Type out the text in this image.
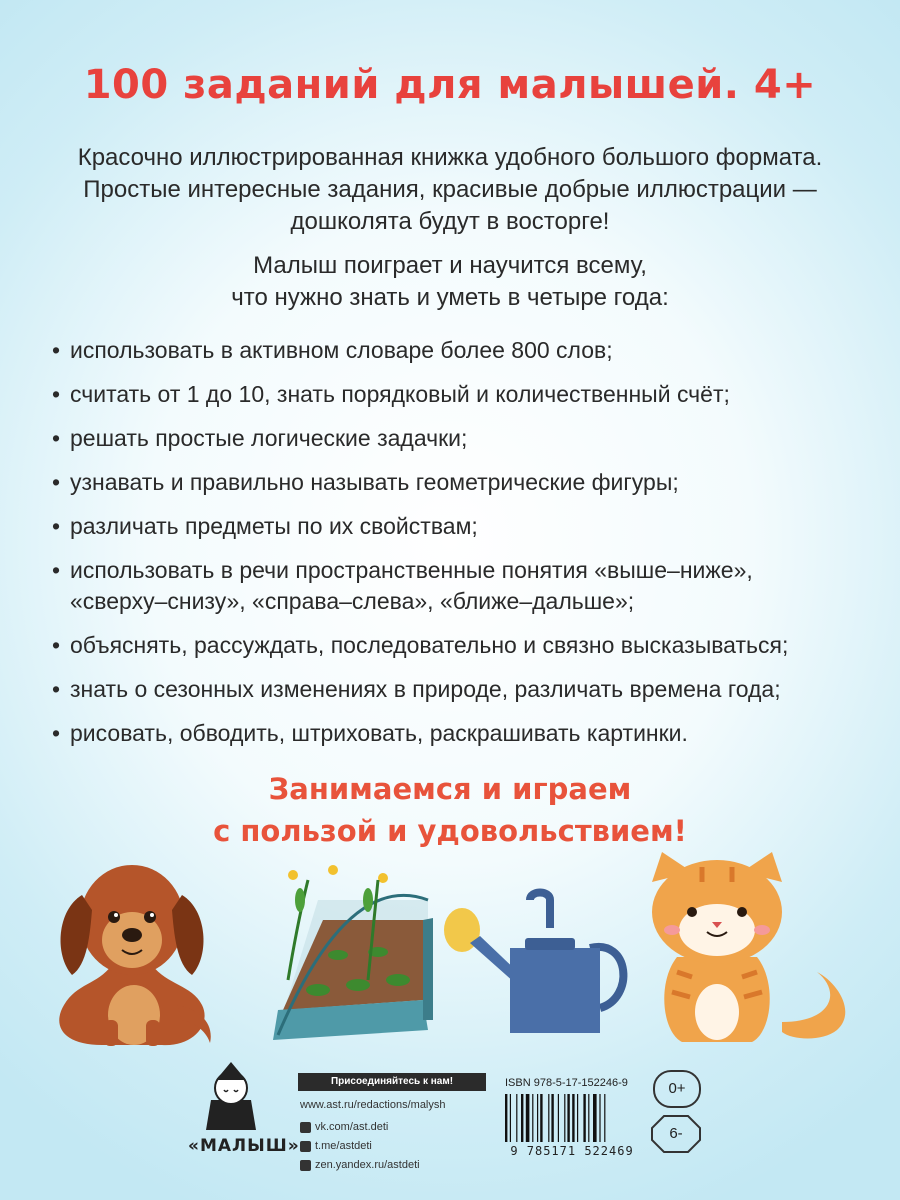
100 заданий для малышей. 4+
Красочно иллюстрированная книжка удобного большого формата.
Простые интересные задания, красивые добрые иллюстрации —
дошколята будут в восторге!
Малыш поиграет и научится всему,
что нужно знать и уметь в четыре года:
• использовать в активном словаре более 800 слов;
• считать от 1 до 10, знать порядковый и количественный счёт;
• решать простые логические задачки;
• узнавать и правильно называть геометрические фигуры;
• различать предметы по их свойствам;
• использовать в речи пространственные понятия «выше–ниже»,
«сверху–снизу», «справа–слева», «ближе–дальше»;
• объяснять, рассуждать, последовательно и связно высказываться;
• знать о сезонных изменениях в природе, различать времена года;
• рисовать, обводить, штриховать, раскрашивать картинки.
Занимаемся и играем
с пользой и удовольствием!
«МАЛЫШ»
Присоединяйтесь к нам!
www.ast.ru/redactions/malysh
vk.com/ast.deti
t.me/astdeti
zen.yandex.ru/astdeti
ISBN 978-5-17-152246-9
9 785171 522469
0+
6-
